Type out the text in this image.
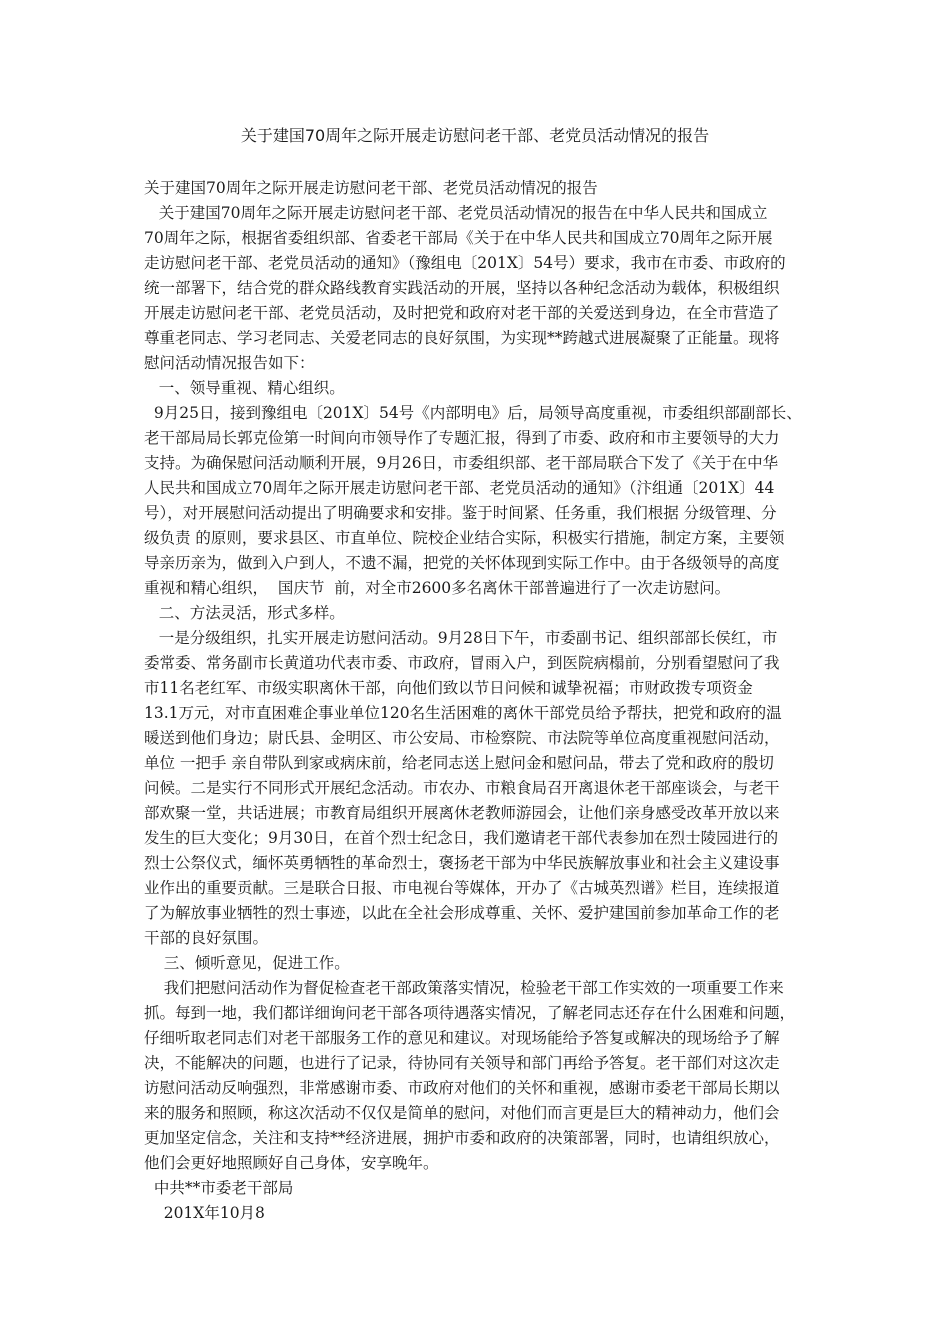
关于建国70周年之际开展走访慰问老干部、老党员活动情况的报告
关于建国70周年之际开展走访慰问老干部、老党员活动情况的报告
关于建国70周年之际开展走访慰问老干部、老党员活动情况的报告在中华人民共和国成立
70周年之际，根据省委组织部、省委老干部局《关于在中华人民共和国成立70周年之际开展
走访慰问老干部、老党员活动的通知》（豫组电〔201X〕54号）要求，我市在市委、市政府的
统一部署下，结合党的群众路线教育实践活动的开展，坚持以各种纪念活动为载体，积极组织
开展走访慰问老干部、老党员活动，及时把党和政府对老干部的关爱送到身边，在全市营造了
尊重老同志、学习老同志、关爱老同志的良好氛围，为实现**跨越式进展凝聚了正能量。现将
慰问活动情况报告如下：
一、领导重视、精心组织。
9月25日，接到豫组电〔201X〕54号《内部明电》后，局领导高度重视，市委组织部副部长、
老干部局局长郭克俭第一时间向市领导作了专题汇报，得到了市委、政府和市主要领导的大力
支持。为确保慰问活动顺利开展，9月26日，市委组织部、老干部局联合下发了《关于在中华
人民共和国成立70周年之际开展走访慰问老干部、老党员活动的通知》（汴组通〔201X〕44
号），对开展慰问活动提出了明确要求和安排。鉴于时间紧、任务重，我们根据 分级管理、分
级负责 的原则，要求县区、市直单位、院校企业结合实际，积极实行措施，制定方案，主要领
导亲历亲为，做到入户到人，不遗不漏，把党的关怀体现到实际工作中。由于各级领导的高度
重视和精心组织，  国庆节  前，对全市2600多名离休干部普遍进行了一次走访慰问。
二、方法灵活，形式多样。
一是分级组织，扎实开展走访慰问活动。9月28日下午，市委副书记、组织部部长侯红，市
委常委、常务副市长黄道功代表市委、市政府，冒雨入户，到医院病榻前，分别看望慰问了我
市11名老红军、市级实职离休干部，向他们致以节日问候和诚挚祝福；市财政拨专项资金
13.1万元，对市直困难企事业单位120名生活困难的离休干部党员给予帮扶，把党和政府的温
暖送到他们身边；尉氏县、金明区、市公安局、市检察院、市法院等单位高度重视慰问活动，
单位 一把手 亲自带队到家或病床前，给老同志送上慰问金和慰问品，带去了党和政府的殷切
问候。二是实行不同形式开展纪念活动。市农办、市粮食局召开离退休老干部座谈会，与老干
部欢聚一堂，共话进展；市教育局组织开展离休老教师游园会，让他们亲身感受改革开放以来
发生的巨大变化；9月30日，在首个烈士纪念日，我们邀请老干部代表参加在烈士陵园进行的
烈士公祭仪式，缅怀英勇牺牲的革命烈士，褒扬老干部为中华民族解放事业和社会主义建设事
业作出的重要贡献。三是联合日报、市电视台等媒体，开办了《古城英烈谱》栏目，连续报道
了为解放事业牺牲的烈士事迹，以此在全社会形成尊重、关怀、爱护建国前参加革命工作的老
干部的良好氛围。
三、倾听意见，促进工作。
我们把慰问活动作为督促检查老干部政策落实情况，检验老干部工作实效的一项重要工作来
抓。每到一地，我们都详细询问老干部各项待遇落实情况，了解老同志还存在什么困难和问题，
仔细听取老同志们对老干部服务工作的意见和建议。对现场能给予答复或解决的现场给予了解
决，不能解决的问题，也进行了记录，待协同有关领导和部门再给予答复。老干部们对这次走
访慰问活动反响强烈，非常感谢市委、市政府对他们的关怀和重视，感谢市委老干部局长期以
来的服务和照顾，称这次活动不仅仅是简单的慰问，对他们而言更是巨大的精神动力，他们会
更加坚定信念，关注和支持**经济进展，拥护市委和政府的决策部署，同时，也请组织放心，
他们会更好地照顾好自己身体，安享晚年。
中共**市委老干部局
201X年10月8
